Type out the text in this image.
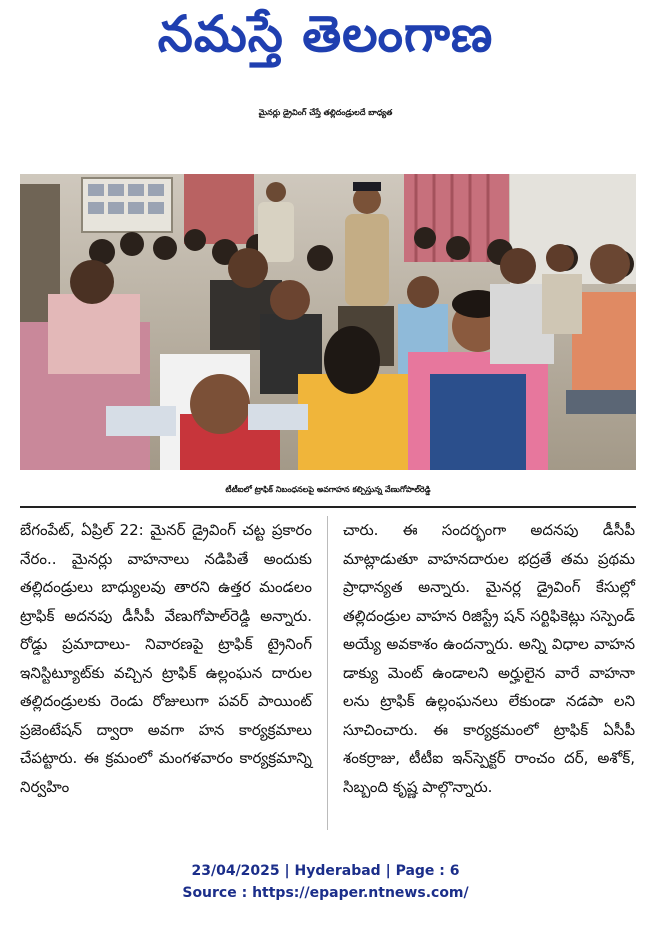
నమస్తే తెలంగాణ
మైనర్లు డ్రైవింగ్ చేస్తే తల్లిదండ్రులదే బాధ్యత
టీటీఐలో ట్రాఫిక్ నిబంధనలపై అవగాహన కల్పిస్తున్న వేణుగోపాల్‌రెడ్డి
బేగంపేట్, ఏప్రిల్ 22: మైనర్ డ్రైవింగ్ చట్ట ప్రకారం నేరం.. మైనర్లు వాహనాలు నడిపితే అందుకు తల్లిదండ్రులు బాధ్యులవు తారని ఉత్తర మండలం ట్రాఫిక్ అదనపు డీసీపీ వేణుగోపాల్‌రెడ్డి అన్నారు. రోడ్డు ప్రమాదాలు- నివారణపై ట్రాఫిక్ ట్రైనింగ్ ఇనిస్టిట్యూట్‌కు వచ్చిన ట్రాఫిక్ ఉల్లంఘన దారుల తల్లిదండ్రులకు రెండు రోజులుగా పవర్ పాయింట్ ప్రజెంటేషన్ ద్వారా అవగా హన కార్యక్రమాలు చేపట్టారు. ఈ క్రమంలో మంగళవారం కార్యక్రమాన్ని నిర్వహిం
చారు. ఈ సందర్భంగా అదనపు డీసీపీ మాట్లాడుతూ వాహనదారుల భద్రతే తమ ప్రథమ ప్రాధాన్యత అన్నారు. మైనర్ల డ్రైవింగ్ కేసుల్లో తల్లిదండ్రుల వాహన రిజిస్ట్రే షన్ సర్టిఫికెట్లు సస్పెండ్ అయ్యే అవకాశం ఉందన్నారు. అన్ని విధాల వాహన డాక్యు మెంట్ ఉండాలని అర్హులైన వారే వాహనా లను ట్రాఫిక్ ఉల్లంఘనలు లేకుండా నడపా లని సూచించారు. ఈ కార్యక్రమంలో ట్రాఫిక్ ఏసీపీ శంకర్రాజు, టీటీఐ ఇన్‌స్పెక్టర్ రాంచం దర్, అశోక్, సిబ్బంది కృష్ణ పాల్గొన్నారు.
23/04/2025 | Hyderabad | Page : 6
Source : https://epaper.ntnews.com/
